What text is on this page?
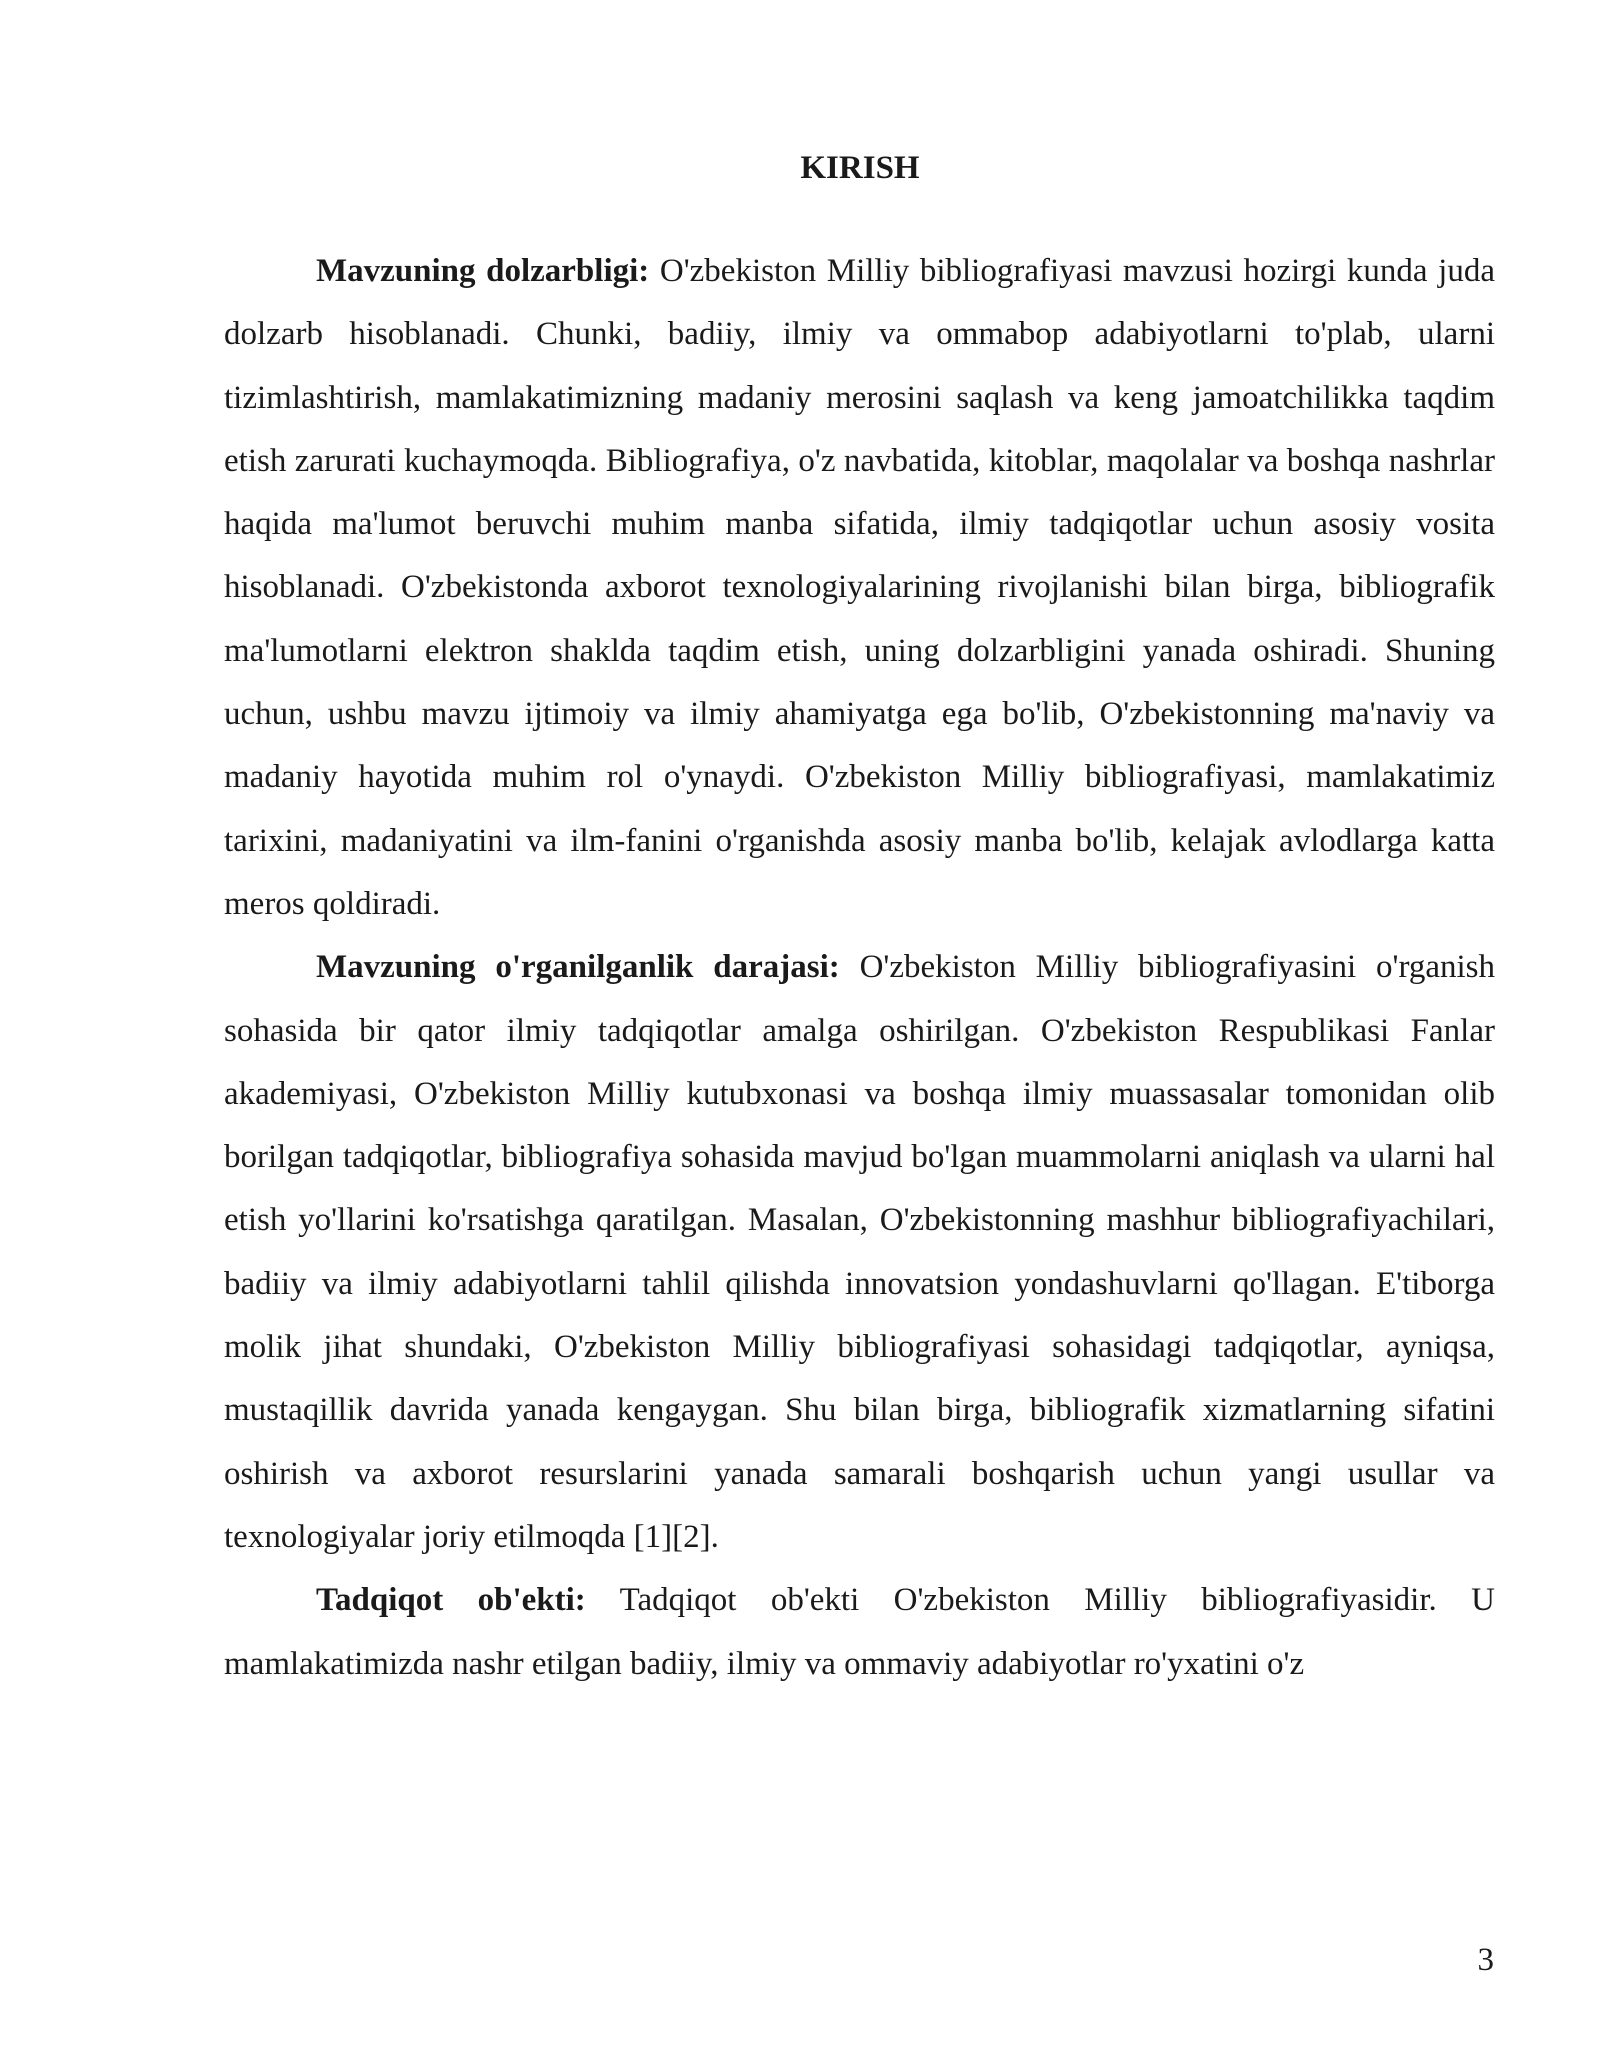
KIRISH

Mavzuning dolzarbligi: O'zbekiston Milliy bibliografiyasi mavzusi hozirgi kunda juda dolzarb hisoblanadi. Chunki, badiiy, ilmiy va ommabop adabiyotlarni to'plab, ularni tizimlashtirish, mamlakatimizning madaniy merosini saqlash va keng jamoatchilikka taqdim etish zarurati kuchaymoqda. Bibliografiya, o'z navbatida, kitoblar, maqolalar va boshqa nashrlar haqida ma'lumot beruvchi muhim manba sifatida, ilmiy tadqiqotlar uchun asosiy vosita hisoblanadi. O'zbekistonda axborot texnologiyalarining rivojlanishi bilan birga, bibliografik ma'lumotlarni elektron shaklda taqdim etish, uning dolzarbligini yanada oshiradi. Shuning uchun, ushbu mavzu ijtimoiy va ilmiy ahamiyatga ega bo'lib, O'zbekistonning ma'naviy va madaniy hayotida muhim rol o'ynaydi. O'zbekiston Milliy bibliografiyasi, mamlakatimiz tarixini, madaniyatini va ilm-fanini o'rganishda asosiy manba bo'lib, kelajak avlodlarga katta meros qoldiradi.

Mavzuning o'rganilganlik darajasi: O'zbekiston Milliy bibliografiyasini o'rganish sohasida bir qator ilmiy tadqiqotlar amalga oshirilgan. O'zbekiston Respublikasi Fanlar akademiyasi, O'zbekiston Milliy kutubxonasi va boshqa ilmiy muassasalar tomonidan olib borilgan tadqiqotlar, bibliografiya sohasida mavjud bo'lgan muammolarni aniqlash va ularni hal etish yo'llarini ko'rsatishga qaratilgan. Masalan, O'zbekistonning mashhur bibliografiyachilari, badiiy va ilmiy adabiyotlarni tahlil qilishda innovatsion yondashuvlarni qo'llagan. E'tiborga molik jihat shundaki, O'zbekiston Milliy bibliografiyasi sohasidagi tadqiqotlar, ayniqsa, mustaqillik davrida yanada kengaygan. Shu bilan birga, bibliografik xizmatlarning sifatini oshirish va axborot resurslarini yanada samarali boshqarish uchun yangi usullar va texnologiyalar joriy etilmoqda [1][2].

Tadqiqot ob'ekti: Tadqiqot ob'ekti O'zbekiston Milliy bibliografiyasidir. U mamlakatimizda nashr etilgan badiiy, ilmiy va ommaviy adabiyotlar ro'yxatini o'z

3
